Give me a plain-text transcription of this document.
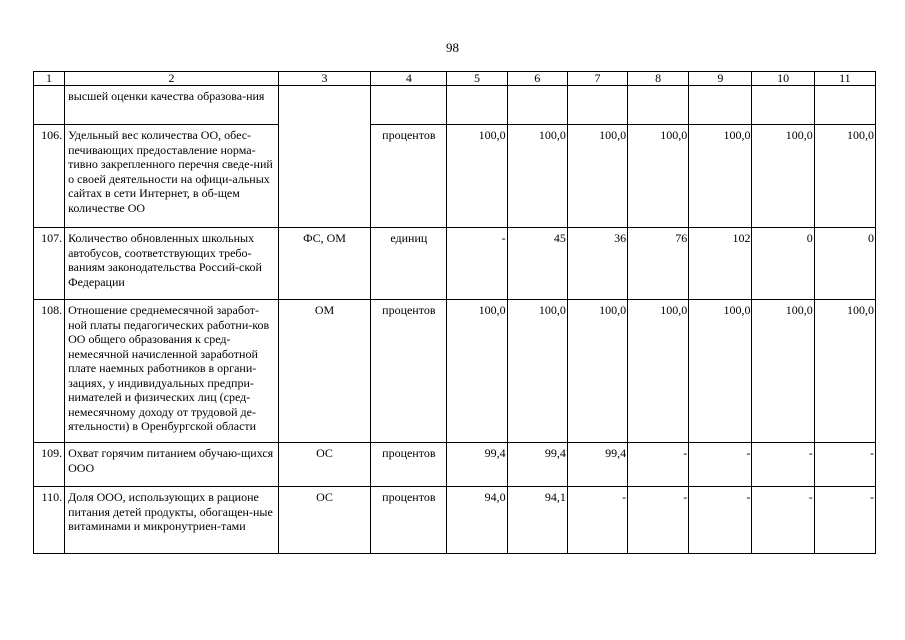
98
1	2	3	4	5	6	7	8	9	10	11
	высшей оценки качества образова-ния									
106.	Удельный вес количества ОО, обес-печивающих предоставление норма-тивно закрепленного перечня сведе-ний о своей деятельности на офици-альных сайтах в сети Интернет, в об-щем количестве ОО		процентов	100,0	100,0	100,0	100,0	100,0	100,0	100,0
107.	Количество обновленных школьных автобусов, соответствующих требо-ваниям законодательства Россий-ской Федерации	ФС, ОМ	единиц	-	45	36	76	102	0	0
108.	Отношение среднемесячной заработ-ной платы педагогических работни-ков ОО общего образования к сред-немесячной начисленной заработной плате наемных работников в органи-зациях, у индивидуальных предпри-нимателей и физических лиц (сред-немесячному доходу от трудовой де-ятельности) в Оренбургской области	ОМ	процентов	100,0	100,0	100,0	100,0	100,0	100,0	100,0
109.	Охват горячим питанием обучаю-щихся ООО	ОС	процентов	99,4	99,4	99,4	-	-	-	-
110.	Доля ООО, использующих в рационе питания детей продукты, обогащен-ные витаминами и микронутриен-тами	ОС	процентов	94,0	94,1	-	-	-	-	-
